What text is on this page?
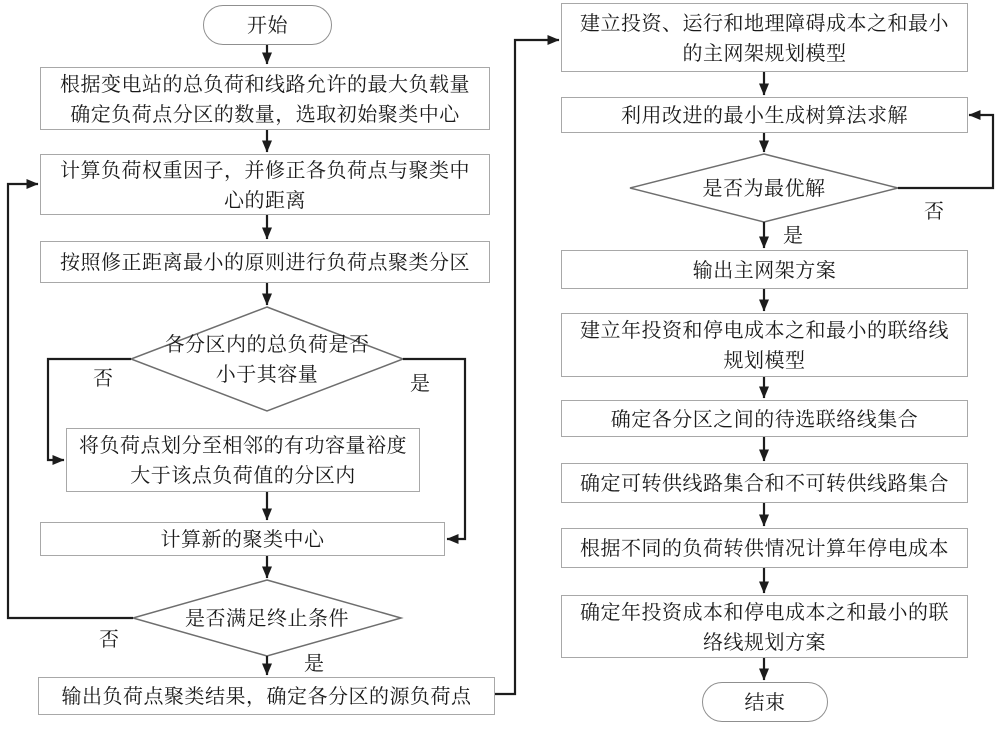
开始
根据变电站的总负荷和线路允许的最大负载量
确定负荷点分区的数量，选取初始聚类中心
计算负荷权重因子，并修正各负荷点与聚类中
心的距离
按照修正距离最小的原则进行负荷点聚类分区
将负荷点划分至相邻的有功容量裕度
大于该点负荷值的分区内
计算新的聚类中心
输出负荷点聚类结果，确定各分区的源负荷点
建立投资、运行和地理障碍成本之和最小
的主网架规划模型
利用改进的最小生成树算法求解
输出主网架方案
建立年投资和停电成本之和最小的联络线
规划模型
确定各分区之间的待选联络线集合
确定可转供线路集合和不可转供线路集合
根据不同的负荷转供情况计算年停电成本
确定年投资成本和停电成本之和最小的联
络线规划方案
结束
各分区内的总负荷是否
小于其容量
是否满足终止条件
是否为最优解
否	是
否
是
否
是
